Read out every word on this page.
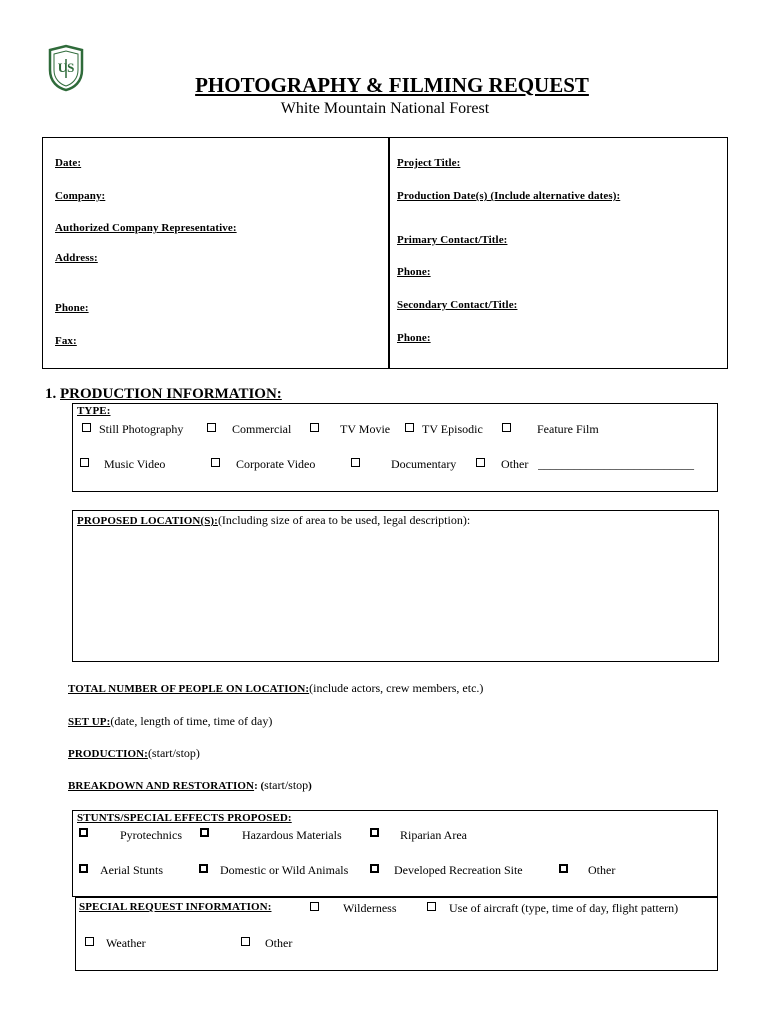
US
PHOTOGRAPHY & FILMING REQUEST
White Mountain National Forest
Date:
Company:
Authorized Company Representative:
Address:
Phone:
Fax:
Project Title:
Production Date(s) (Include alternative dates):
Primary Contact/Title:
Phone:
Secondary Contact/Title:
Phone:
1. PRODUCTION INFORMATION:
TYPE:
Still Photography	Commercial	TV Movie	TV Episodic	Feature Film
Music Video	Corporate Video	Documentary	Other __________________________
PROPOSED LOCATION(S):(Including size of area to be used, legal description):
TOTAL NUMBER OF PEOPLE ON LOCATION:(include actors, crew members, etc.)
SET UP:(date, length of time, time of day)
PRODUCTION:(start/stop)
BREAKDOWN AND RESTORATION: (start/stop)
STUNTS/SPECIAL EFFECTS PROPOSED:
Pyrotechnics	Hazardous Materials	Riparian Area
Aerial Stunts	Domestic or Wild Animals	Developed Recreation Site	Other
SPECIAL REQUEST INFORMATION:	Wilderness	Use of aircraft (type, time of day, flight pattern)
Weather	Other
